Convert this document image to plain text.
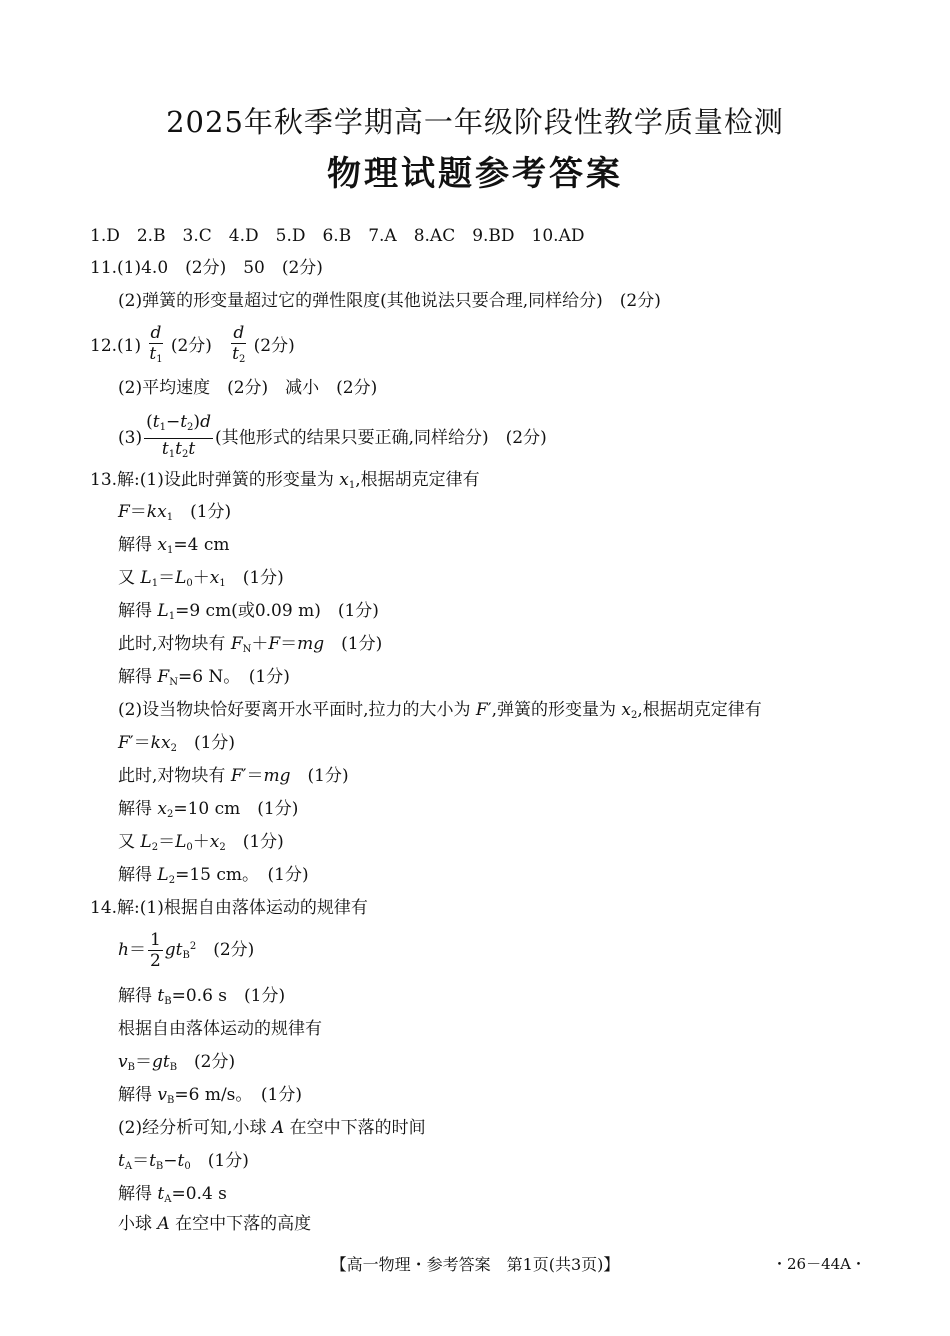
2025年秋季学期高一年级阶段性教学质量检测
物理试题参考答案
1.D　2.B　3.C　4.D　5.D　6.B　7.A　8.AC　9.BD　10.AD
11.(1)4.0　(2分)　50　(2分)
(2)弹簧的形变量超过它的弹性限度(其他说法只要合理,同样给分)　(2分)
$12.(1) \frac{d}{t_1} (2$分) $\frac{d}{t_2} (2$分)
(2)平均速度　(2分)　减小　(2分)
$(3) \frac{(t_1-t_2)d}{t_1t_2t}$ (其他形式的结果只要正确,同样给分)　(2分)
13.解:(1)设此时弹簧的形变量为 $x_1$,根据胡克定律有
$F=kx_1$　 (1分)
解得 $x_1=4$ cm
又 $L_1=L_0+x_1$　 (1分)
解得 $L_1=9$ cm(或0.09 m)　(1分)
此时,对物块有 $F_N+F=mg$　 (1分)
解得 $F_N=6$ N。　(1分)
(2)设当物块恰好要离开水平面时,拉力的大小为 F′,弹簧的形变量为 $x_2$,根据胡克定律有
$F'=kx_2$　 (1分)
此时,对物块有 F′＝mg　 (1分)
解得 $x_2=10$ cm　(1分)
又 $L_2=L_0+x_2$　 (1分)
解得 $L_2=15$ cm。　(1分)
14.解:(1)根据自由落体运动的规律有
$h= \frac{1}{2} gt_B^2$　 (2分)
解得 $t_B=0.6$ s　(1分)
根据自由落体运动的规律有
$v_B=gt_B$　 (2分)
解得 $v_B=6$ m/s。　(1分)
(2)经分析可知,小球 A 在空中下落的时间
$t_A=t_B-t_0$　 (1分)
解得 $t_A=0.4$ s
小球 A 在空中下落的高度
【高一物理・参考答案　第1页(共3页)】	・26－44A・
